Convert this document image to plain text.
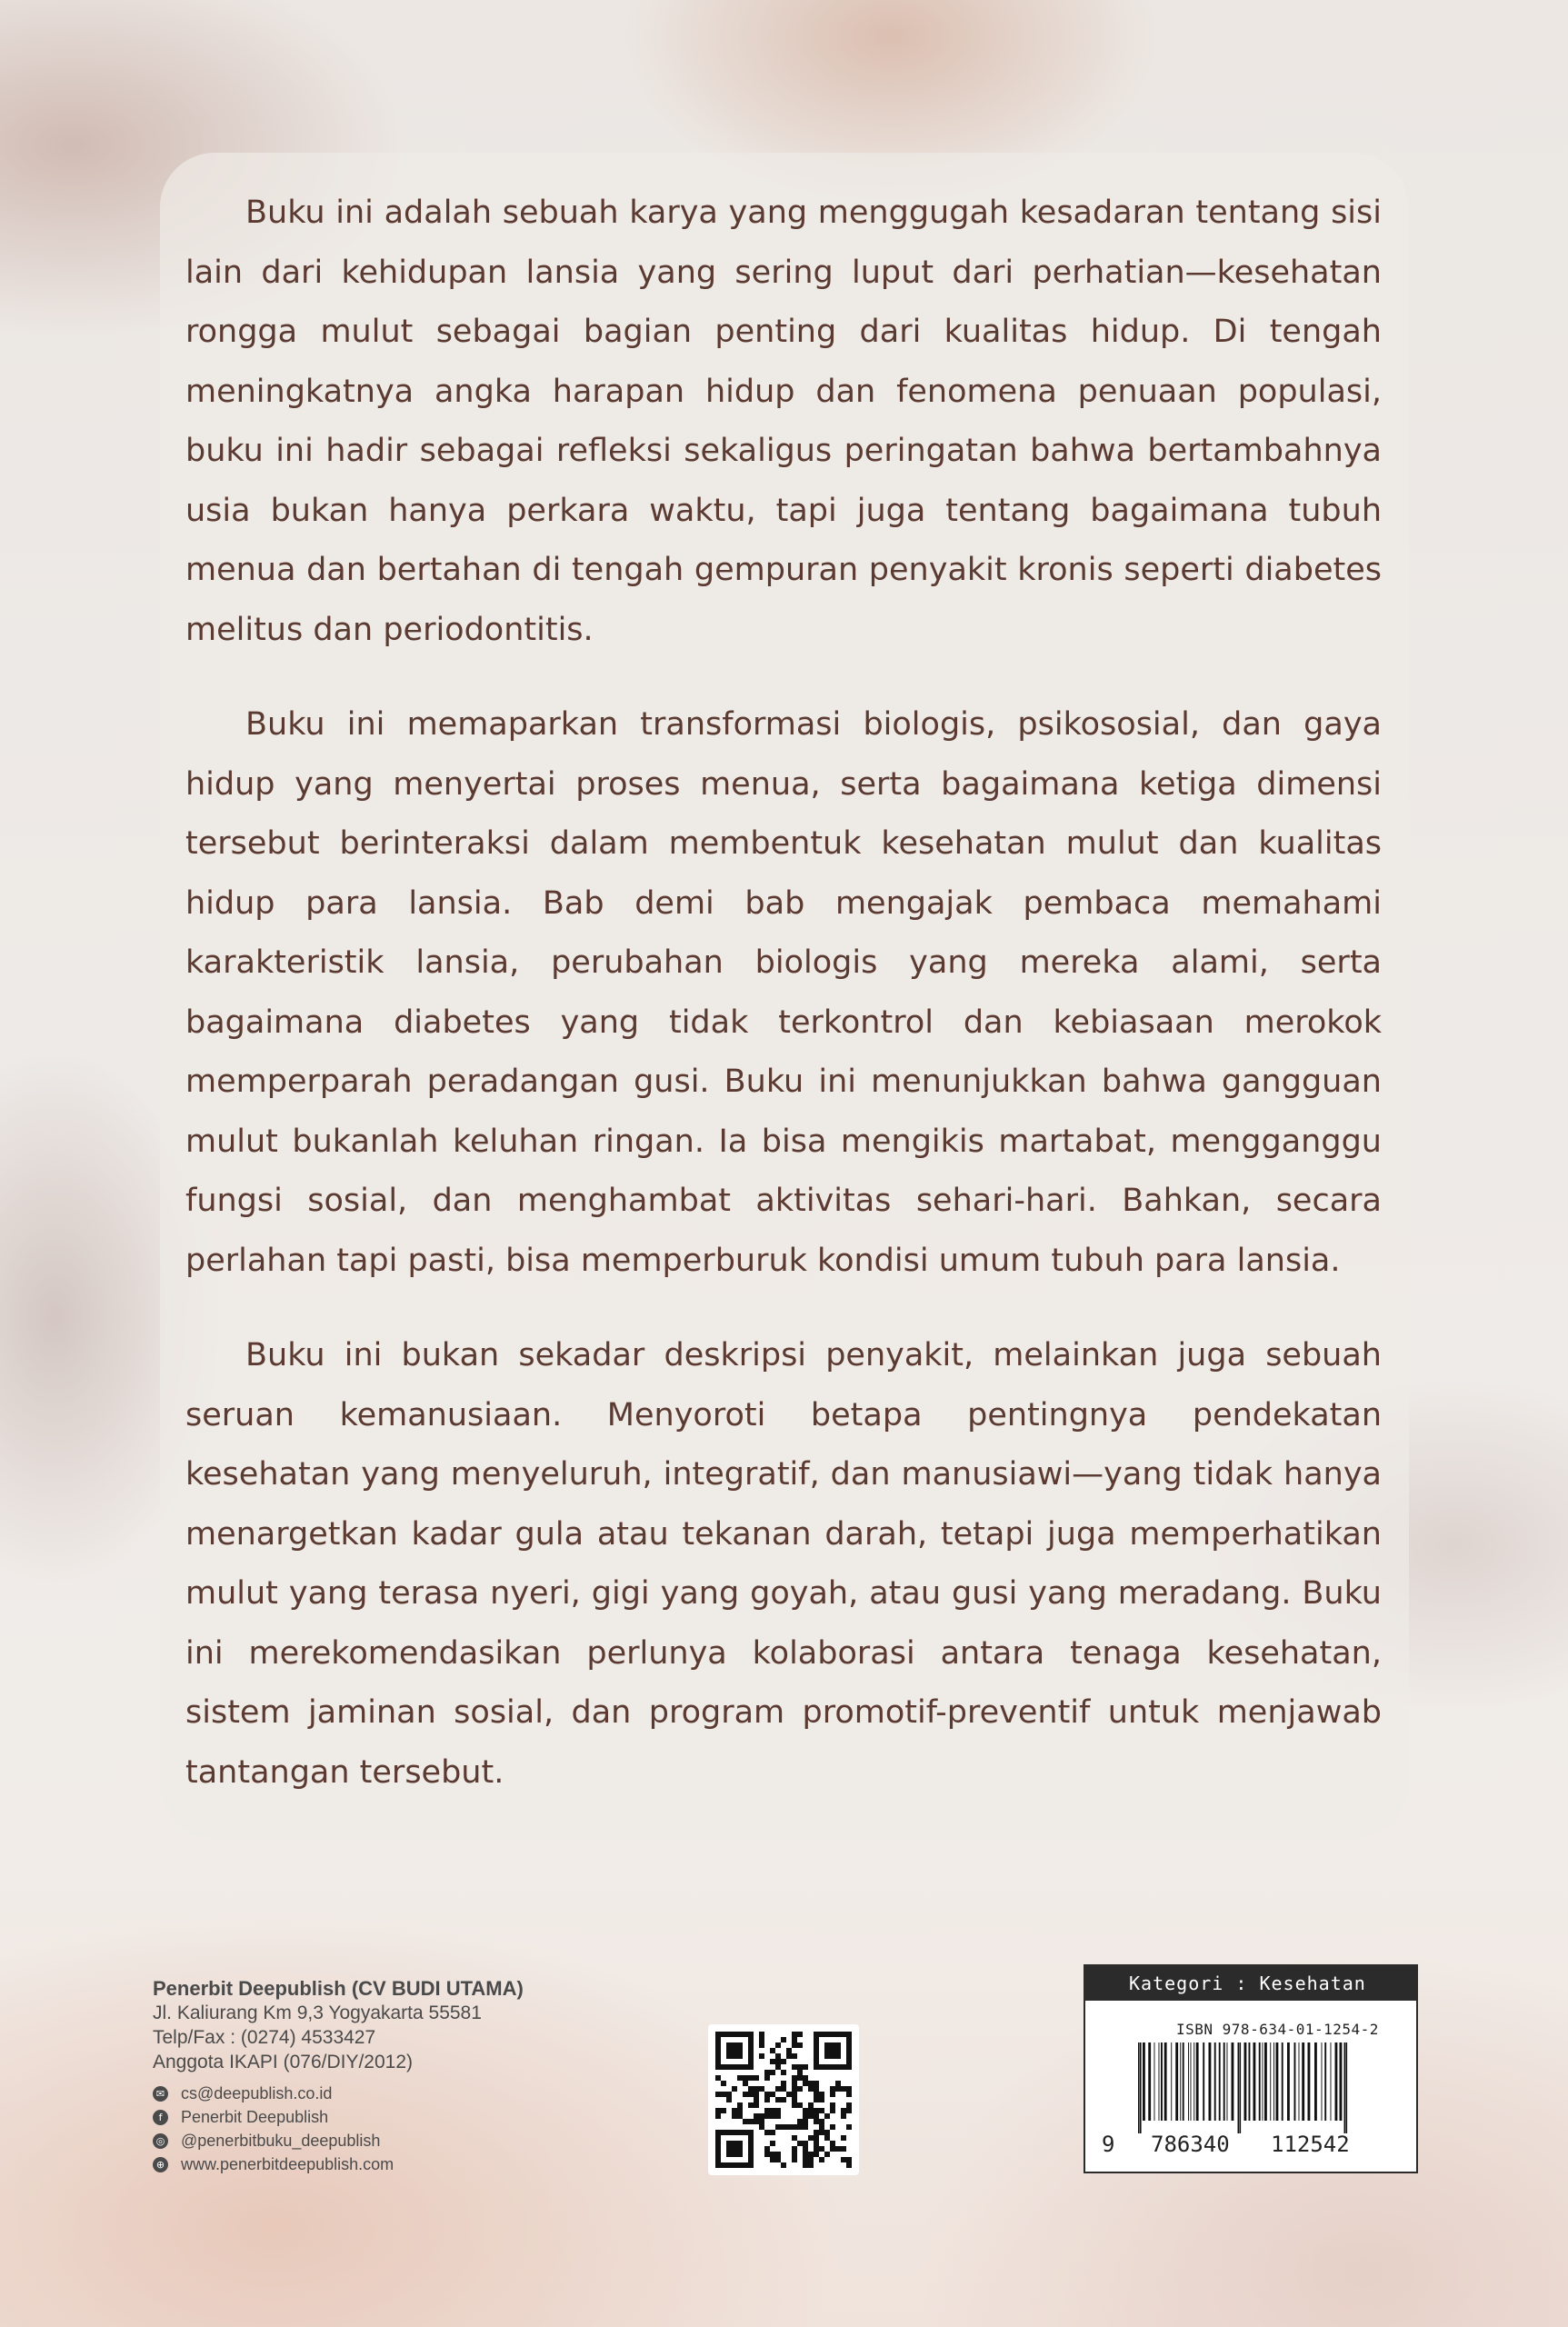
Buku ini adalah sebuah karya yang menggugah kesadaran tentang sisi lain dari kehidupan lansia yang sering luput dari perhatian—kesehatan rongga mulut sebagai bagian penting dari kualitas hidup. Di tengah meningkatnya angka harapan hidup dan fenomena penuaan populasi, buku ini hadir sebagai refleksi sekaligus peringatan bahwa bertambahnya usia bukan hanya perkara waktu, tapi juga tentang bagaimana tubuh menua dan bertahan di tengah gempuran penyakit kronis seperti diabetes melitus dan periodontitis.

Buku ini memaparkan transformasi biologis, psikososial, dan gaya hidup yang menyertai proses menua, serta bagaimana ketiga dimensi tersebut berinteraksi dalam membentuk kesehatan mulut dan kualitas hidup para lansia. Bab demi bab mengajak pembaca memahami karakteristik lansia, perubahan biologis yang mereka alami, serta bagaimana diabetes yang tidak terkontrol dan kebiasaan merokok memperparah peradangan gusi. Buku ini menunjukkan bahwa gangguan mulut bukanlah keluhan ringan. Ia bisa mengikis martabat, mengganggu fungsi sosial, dan menghambat aktivitas sehari-hari. Bahkan, secara perlahan tapi pasti, bisa memperburuk kondisi umum tubuh para lansia.

Buku ini bukan sekadar deskripsi penyakit, melainkan juga sebuah seruan kemanusiaan. Menyoroti betapa pentingnya pendekatan kesehatan yang menyeluruh, integratif, dan manusiawi—yang tidak hanya menargetkan kadar gula atau tekanan darah, tetapi juga memperhatikan mulut yang terasa nyeri, gigi yang goyah, atau gusi yang meradang. Buku ini merekomendasikan perlunya kolaborasi antara tenaga kesehatan, sistem jaminan sosial, dan program promotif-preventif untuk menjawab tantangan tersebut.

Penerbit Deepublish (CV BUDI UTAMA)
Jl. Kaliurang Km 9,3 Yogyakarta 55581
Telp/Fax : (0274) 4533427
Anggota IKAPI (076/DIY/2012)
✉ cs@deepublish.co.id
f	Penerbit Deepublish
◎ @penerbitbuku_deepublish
⊕ www.penerbitdeepublish.com
Kategori : Kesehatan
ISBN 978-634-01-1254-2
9 786340 112542
